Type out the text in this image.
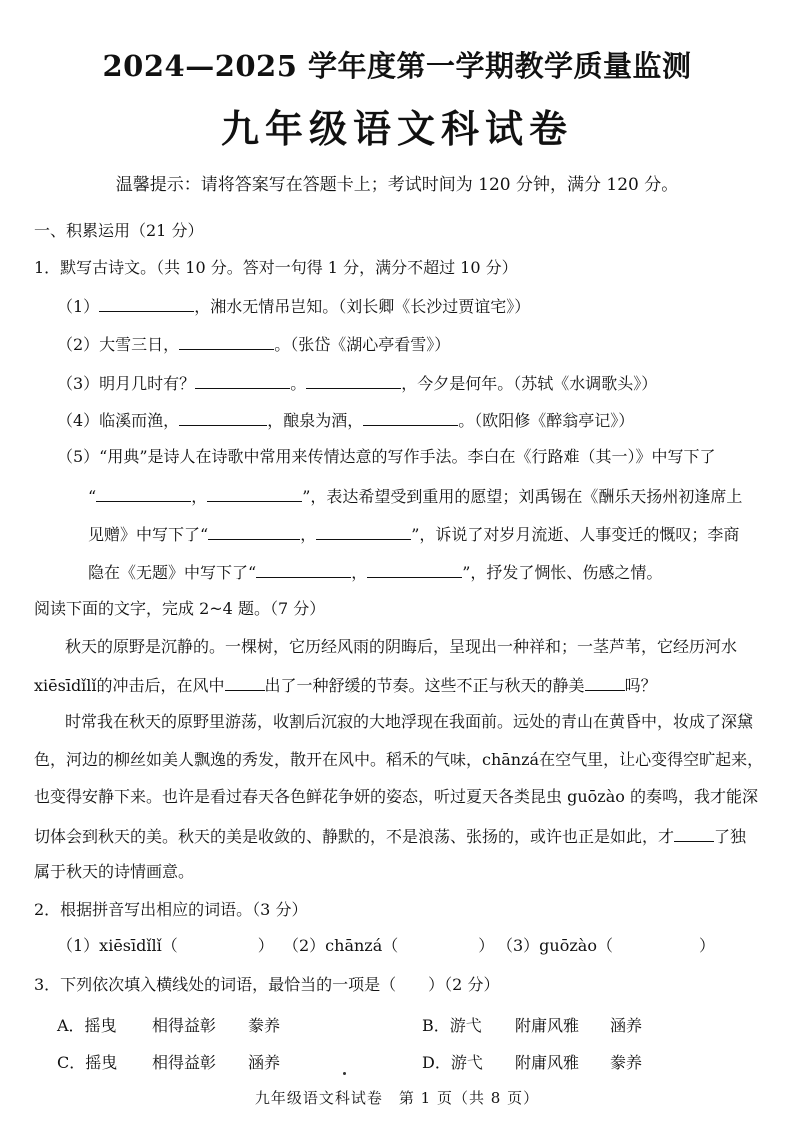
2024—2025 学年度第一学期教学质量监测
九年级语文科试卷
温馨提示：请将答案写在答题卡上；考试时间为 120 分钟，满分 120 分。
一、积累运用（21 分）
1．默写古诗文。（共 10 分。答对一句得 1 分，满分不超过 10 分）
（1）	，湘水无情吊岂知。（刘长卿《长沙过贾谊宅》）
（2）大雪三日，	。（张岱《湖心亭看雪》）
（3）明月几时有？	。	，今夕是何年。（苏轼《水调歌头》）
（4）临溪而渔，	，酿泉为酒，	。（欧阳修《醉翁亭记》）
（5）“用典”是诗人在诗歌中常用来传情达意的写作手法。李白在《行路难（其一）》中写下了
“	，	”，表达希望受到重用的愿望；刘禹锡在《酬乐天扬州初逢席上
见赠》中写下了“	，	”，诉说了对岁月流逝、人事变迁的慨叹；李商
隐在《无题》中写下了“	，	”，抒发了惆怅、伤感之情。
阅读下面的文字，完成 2~4 题。（7 分）
秋天的原野是沉静的。一棵树，它历经风雨的阴晦后，呈现出一种祥和；一茎芦苇，它经历河水
xiēsīdǐlǐ的冲击后，在风中	出了一种舒缓的节奏。这些不正与秋天的静美	吗？
时常我在秋天的原野里游荡，收割后沉寂的大地浮现在我面前。远处的青山在黄昏中，妆成了深黛
色，河边的柳丝如美人飘逸的秀发，散开在风中。稻禾的气味，chānzá在空气里，让心变得空旷起来，
也变得安静下来。也许是看过春天各色鲜花争妍的姿态，听过夏天各类昆虫 guōzào 的奏鸣，我才能深
切体会到秋天的美。秋天的美是收敛的、静默的，不是浪荡、张扬的，或许也正是如此，才	了独
属于秋天的诗情画意。
2．根据拼音写出相应的词语。（3 分）
（1）xiēsīdǐlǐ（	） （2）chānzá（	） （3）guōzào（	）
3．下列依次填入横线处的词语，最恰当的一项是（　　）（2 分）
A．摇曳 相得益彰 豢养	B．游弋 附庸风雅 涵养
C．摇曳 相得益彰 涵养	D．游弋 附庸风雅 豢养
九年级语文科试卷　第 1 页（共 8 页）
